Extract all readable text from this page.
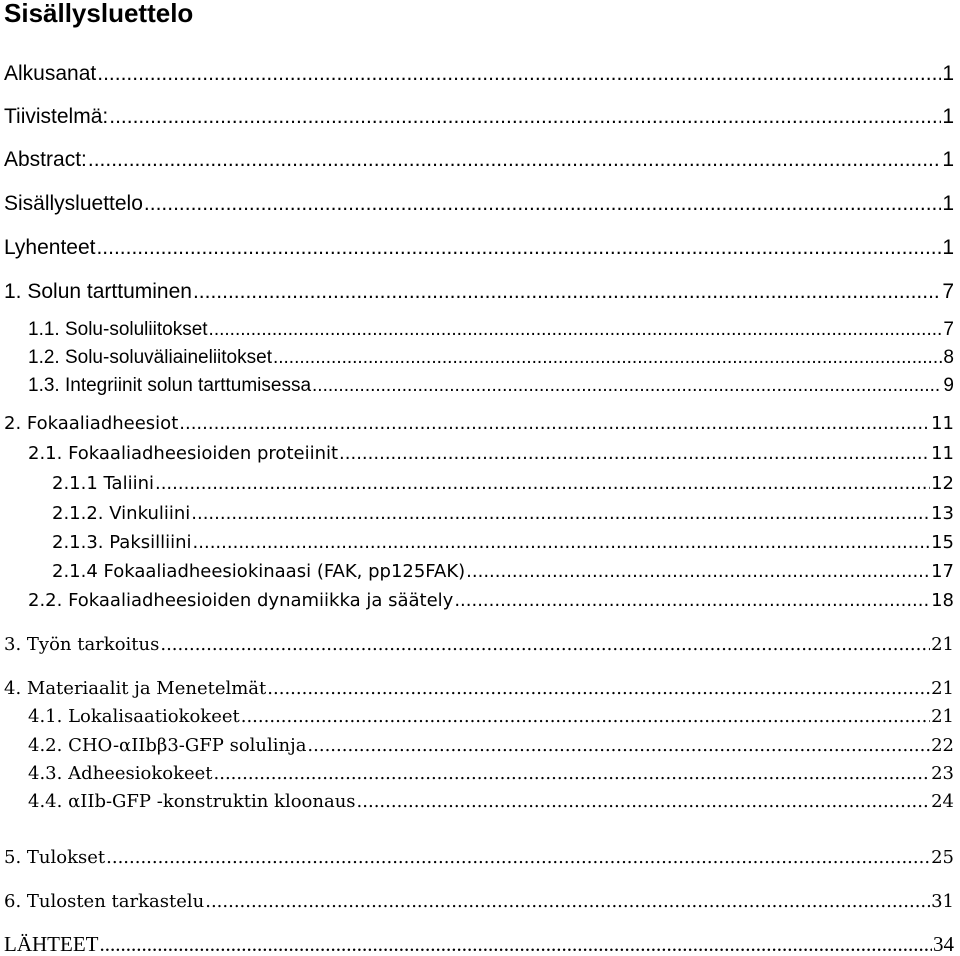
Sisällysluettelo
Alkusanat .....	1
Tiivistelmä: .....	1
Abstract: .....	1
Sisällysluettelo .....	1
Lyhenteet .....	1
1. Solun tarttuminen .....	7
1.1. Solu-soluliitokset .....	7
1.2. Solu-soluväliaineliitokset .....	8
1.3. Integriinit solun tarttumisessa .....	9
2. Fokaaliadheesiot .....	11
2.1. Fokaaliadheesioiden proteiinit .....	11
2.1.1 Taliini .....	12
2.1.2. Vinkuliini .....	13
2.1.3. Paksilliini .....	15
2.1.4 Fokaaliadheesiokinaasi (FAK, pp125FAK) .....	17
2.2. Fokaaliadheesioiden dynamiikka ja säätely .....	18
3. Työn tarkoitus .....	21
4. Materiaalit ja Menetelmät .....	21
4.1. Lokalisaatiokokeet .....	21
4.2. CHO-αIIbβ3-GFP solulinja .....	22
4.3. Adheesiokokeet .....	23
4.4. αIIb-GFP -konstruktin kloonaus .....	24
5. Tulokset .....	25
6. Tulosten tarkastelu .....	31
LÄHTEET .....	34
